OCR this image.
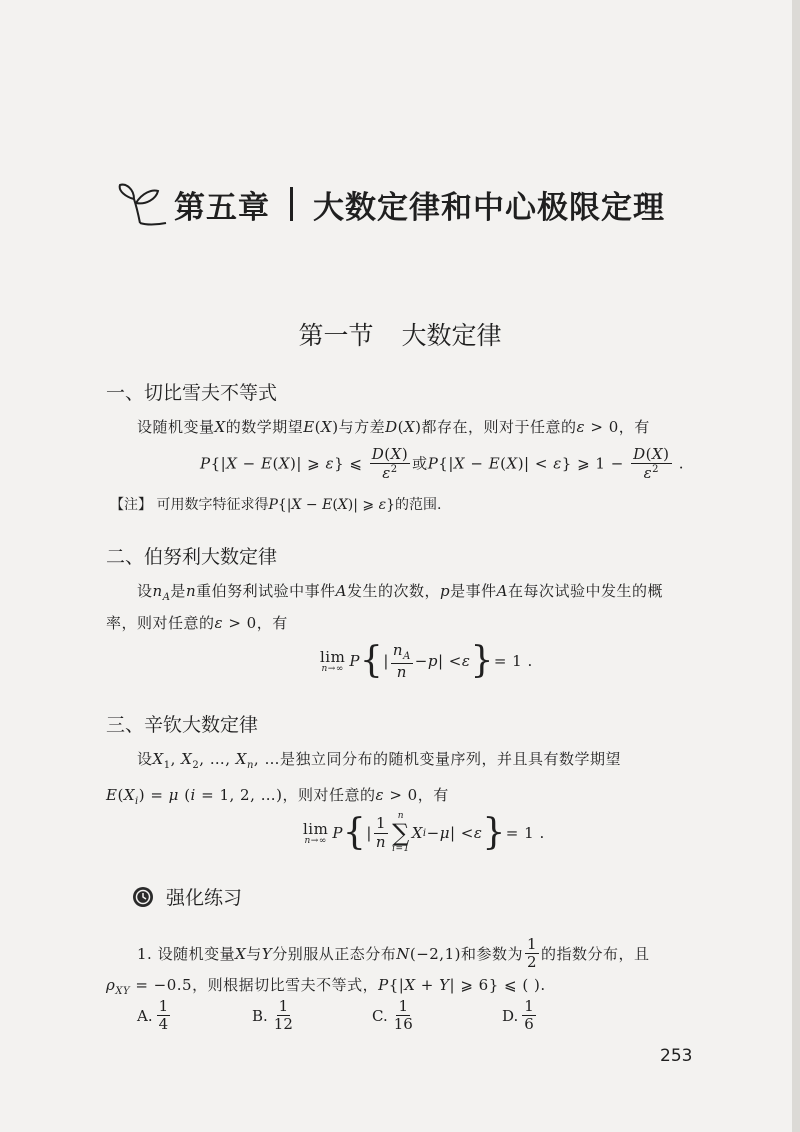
第五章 大数定律和中心极限定理
第一节 大数定律
一、切比雪夫不等式
设随机变量X的数学期望E(X)与方差D(X)都存在，则对于任意的ε > 0，有
P{|X − E(X)| ⩾ ε} ⩽ $\frac{D(X)}{\varepsilon^2}$ 或P{|X − E(X)| < ε} ⩾ $1 - \frac{D(X)}{\varepsilon^2}$ .
【注】 可用数字特征求得P{|X − E(X)| ⩾ ε}的范围.
二、伯努利大数定律
设$n_A$是n重伯努利试验中事件A发生的次数，p是事件A在每次试验中发生的概
率，则对任意的ε > 0，有
lim
n→∞ P { | $\frac{n_A}{n} - p$ | < ε } = 1 .
三、辛钦大数定律
设$X_1$, $X_2$, …, $X_n$, …是独立同分布的随机变量序列，并且具有数学期望
$E(X_i) = \mu$ (i = 1, 2, …)，则对任意的ε > 0，有
lim
n→∞ P { | $\frac{1}{n}$ n
∑
i=1
X i − μ | < ε } = 1 .
强化练习
1. 设随机变量 X 与 Y 分别服从正态分布 N (−2,1) 和参数为 $\frac{1}{2}$ 的指数分布，且
$\rho_{XY} = -0.5$，则根据切比雪夫不等式，P{|X + Y| ⩾ 6} ⩽ ( ).
A. $\frac{1}{4}$	B. $\frac{1}{12}$	C. $\frac{1}{16}$	D. $\frac{1}{6}$
253
